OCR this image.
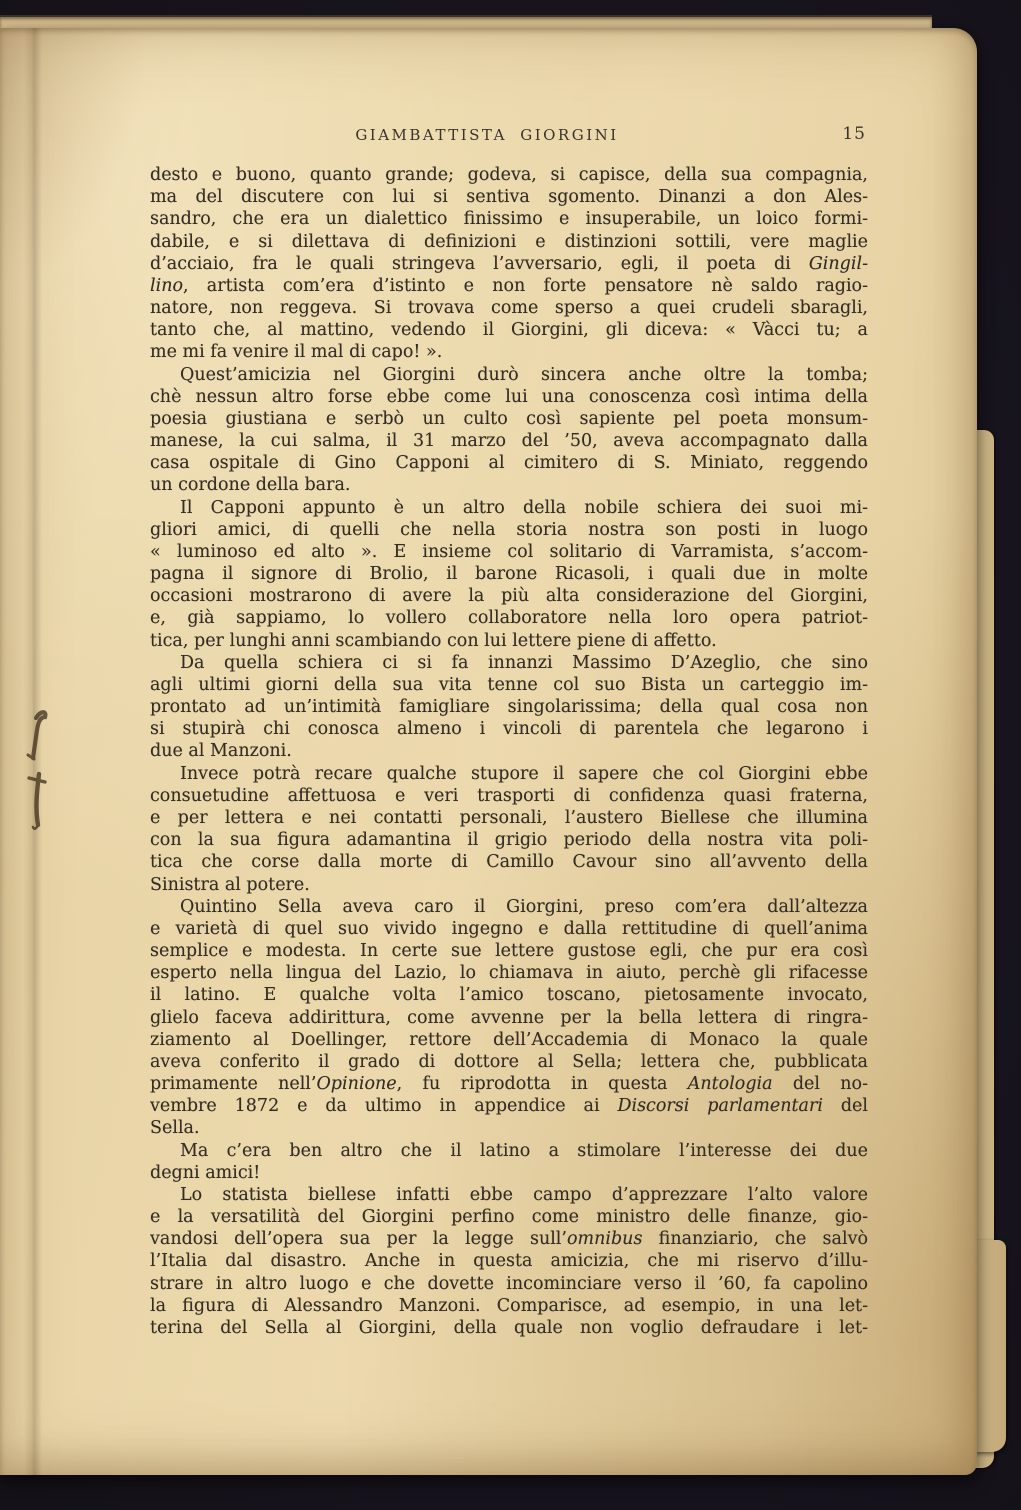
GIAMBATTISTA GIORGINI	15
desto e buono, quanto grande; godeva, si capisce, della sua compagnia,
ma del discutere con lui si sentiva sgomento. Dinanzi a don Ales-
sandro, che era un dialettico finissimo e insuperabile, un loico formi-
dabile, e si dilettava di definizioni e distinzioni sottili, vere maglie
d’acciaio, fra le quali stringeva l’avversario, egli, il poeta di Gingil-
lino, artista com’era d’istinto e non forte pensatore nè saldo ragio-
natore, non reggeva. Si trovava come sperso a quei crudeli sbaragli,
tanto che, al mattino, vedendo il Giorgini, gli diceva: « Vàcci tu; a
me mi fa venire il mal di capo! ».
Quest’amicizia nel Giorgini durò sincera anche oltre la tomba;
chè nessun altro forse ebbe come lui una conoscenza così intima della
poesia giustiana e serbò un culto così sapiente pel poeta monsum-
manese, la cui salma, il 31 marzo del ’50, aveva accompagnato dalla
casa ospitale di Gino Capponi al cimitero di S. Miniato, reggendo
un cordone della bara.
Il Capponi appunto è un altro della nobile schiera dei suoi mi-
gliori amici, di quelli che nella storia nostra son posti in luogo
« luminoso ed alto ». E insieme col solitario di Varramista, s’accom-
pagna il signore di Brolio, il barone Ricasoli, i quali due in molte
occasioni mostrarono di avere la più alta considerazione del Giorgini,
e, già sappiamo, lo vollero collaboratore nella loro opera patriot-
tica, per lunghi anni scambiando con lui lettere piene di affetto.
Da quella schiera ci si fa innanzi Massimo D’Azeglio, che sino
agli ultimi giorni della sua vita tenne col suo Bista un carteggio im-
prontato ad un’intimità famigliare singolarissima; della qual cosa non
si stupirà chi conosca almeno i vincoli di parentela che legarono i
due al Manzoni.
Invece potrà recare qualche stupore il sapere che col Giorgini ebbe
consuetudine affettuosa e veri trasporti di confidenza quasi fraterna,
e per lettera e nei contatti personali, l’austero Biellese che illumina
con la sua figura adamantina il grigio periodo della nostra vita poli-
tica che corse dalla morte di Camillo Cavour sino all’avvento della
Sinistra al potere.
Quintino Sella aveva caro il Giorgini, preso com’era dall’altezza
e varietà di quel suo vivido ingegno e dalla rettitudine di quell’anima
semplice e modesta. In certe sue lettere gustose egli, che pur era così
esperto nella lingua del Lazio, lo chiamava in aiuto, perchè gli rifacesse
il latino. E qualche volta l’amico toscano, pietosamente invocato,
glielo faceva addirittura, come avvenne per la bella lettera di ringra-
ziamento al Doellinger, rettore dell’Accademia di Monaco la quale
aveva conferito il grado di dottore al Sella; lettera che, pubblicata
primamente nell’Opinione, fu riprodotta in questa Antologia del no-
vembre 1872 e da ultimo in appendice ai Discorsi parlamentari del
Sella.
Ma c’era ben altro che il latino a stimolare l’interesse dei due
degni amici!
Lo statista biellese infatti ebbe campo d’apprezzare l’alto valore
e la versatilità del Giorgini perfino come ministro delle finanze, gio-
vandosi dell’opera sua per la legge sull’omnibus finanziario, che salvò
l’Italia dal disastro. Anche in questa amicizia, che mi riservo d’illu-
strare in altro luogo e che dovette incominciare verso il ’60, fa capolino
la figura di Alessandro Manzoni. Comparisce, ad esempio, in una let-
terina del Sella al Giorgini, della quale non voglio defraudare i let-
